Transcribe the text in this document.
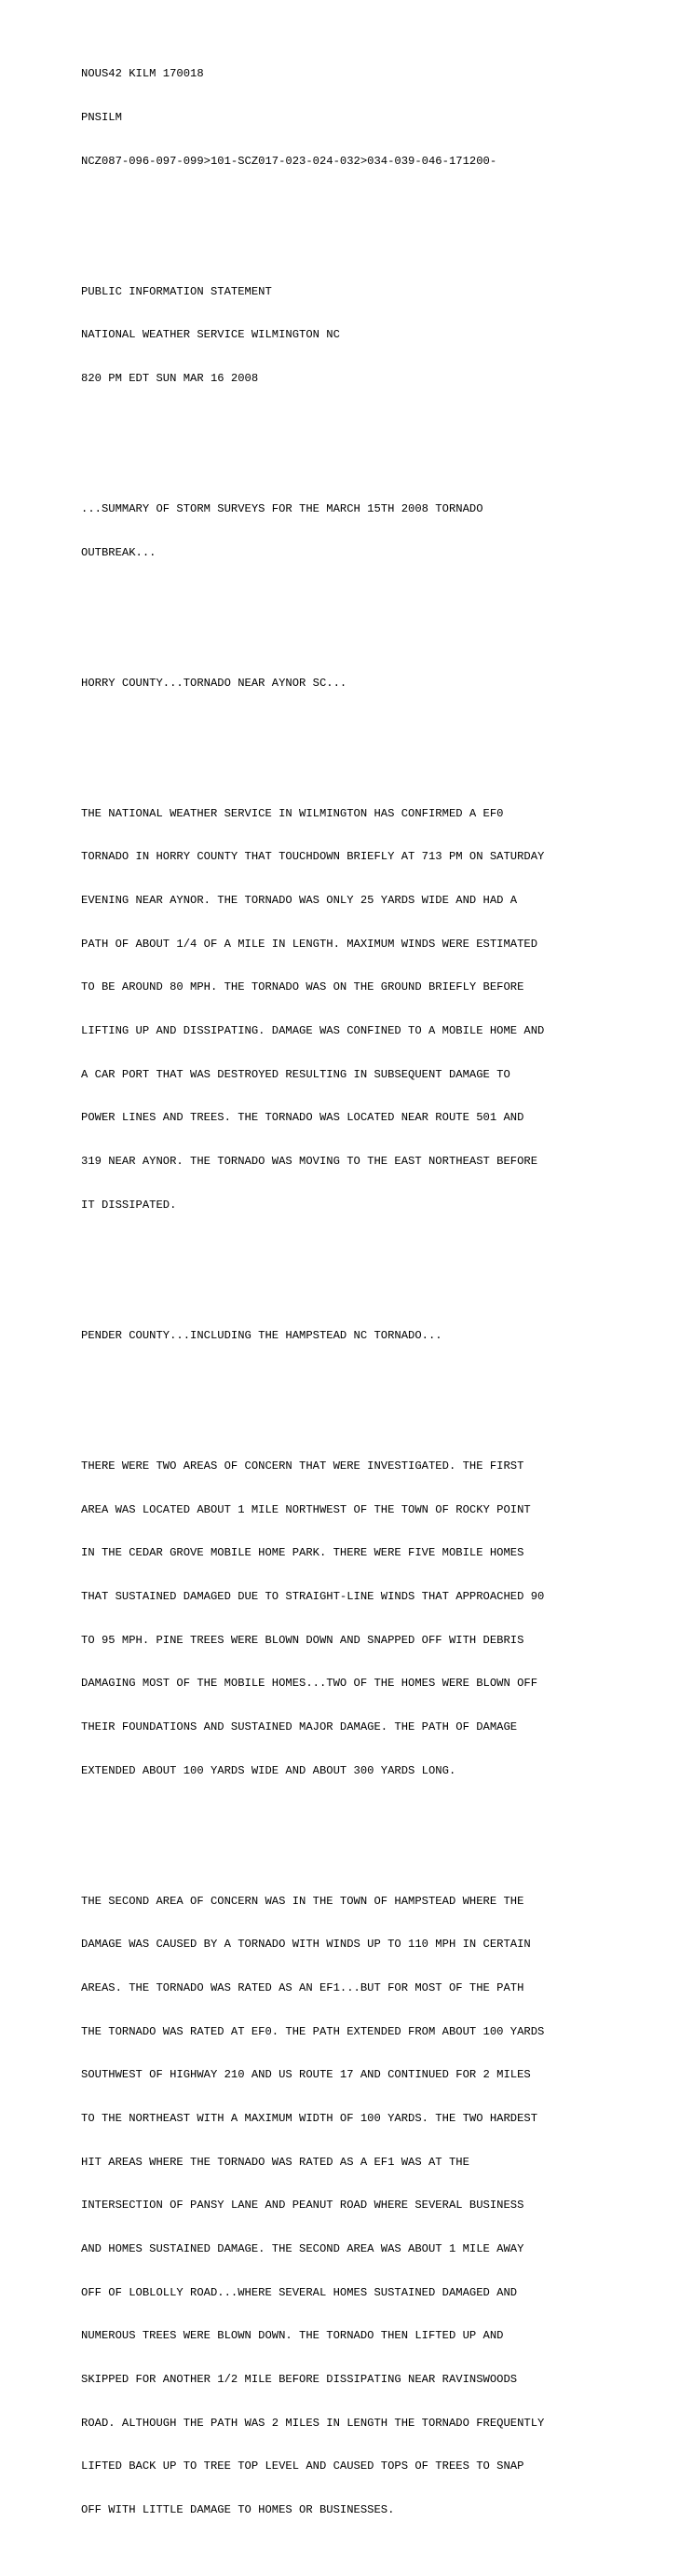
NOUS42 KILM 170018

PNSILM

NCZ087-096-097-099>101-SCZ017-023-024-032>034-039-046-171200-

PUBLIC INFORMATION STATEMENT

NATIONAL WEATHER SERVICE WILMINGTON NC

820 PM EDT SUN MAR 16 2008

...SUMMARY OF STORM SURVEYS FOR THE MARCH 15TH 2008 TORNADO

OUTBREAK...

HORRY COUNTY...TORNADO NEAR AYNOR SC...

THE NATIONAL WEATHER SERVICE IN WILMINGTON HAS CONFIRMED A EF0

TORNADO IN HORRY COUNTY THAT TOUCHDOWN BRIEFLY AT 713 PM ON SATURDAY

EVENING NEAR AYNOR. THE TORNADO WAS ONLY 25 YARDS WIDE AND HAD A

PATH OF ABOUT 1/4 OF A MILE IN LENGTH. MAXIMUM WINDS WERE ESTIMATED

TO BE AROUND 80 MPH. THE TORNADO WAS ON THE GROUND BRIEFLY BEFORE

LIFTING UP AND DISSIPATING. DAMAGE WAS CONFINED TO A MOBILE HOME AND

A CAR PORT THAT WAS DESTROYED RESULTING IN SUBSEQUENT DAMAGE TO

POWER LINES AND TREES. THE TORNADO WAS LOCATED NEAR ROUTE 501 AND

319 NEAR AYNOR. THE TORNADO WAS MOVING TO THE EAST NORTHEAST BEFORE

IT DISSIPATED.

PENDER COUNTY...INCLUDING THE HAMPSTEAD NC TORNADO...

THERE WERE TWO AREAS OF CONCERN THAT WERE INVESTIGATED. THE FIRST

AREA WAS LOCATED ABOUT 1 MILE NORTHWEST OF THE TOWN OF ROCKY POINT

IN THE CEDAR GROVE MOBILE HOME PARK. THERE WERE FIVE MOBILE HOMES

THAT SUSTAINED DAMAGED DUE TO STRAIGHT-LINE WINDS THAT APPROACHED 90

TO 95 MPH. PINE TREES WERE BLOWN DOWN AND SNAPPED OFF WITH DEBRIS

DAMAGING MOST OF THE MOBILE HOMES...TWO OF THE HOMES WERE BLOWN OFF

THEIR FOUNDATIONS AND SUSTAINED MAJOR DAMAGE. THE PATH OF DAMAGE

EXTENDED ABOUT 100 YARDS WIDE AND ABOUT 300 YARDS LONG.

THE SECOND AREA OF CONCERN WAS IN THE TOWN OF HAMPSTEAD WHERE THE

DAMAGE WAS CAUSED BY A TORNADO WITH WINDS UP TO 110 MPH IN CERTAIN

AREAS. THE TORNADO WAS RATED AS AN EF1...BUT FOR MOST OF THE PATH

THE TORNADO WAS RATED AT EF0. THE PATH EXTENDED FROM ABOUT 100 YARDS

SOUTHWEST OF HIGHWAY 210 AND US ROUTE 17 AND CONTINUED FOR 2 MILES

TO THE NORTHEAST WITH A MAXIMUM WIDTH OF 100 YARDS. THE TWO HARDEST

HIT AREAS WHERE THE TORNADO WAS RATED AS A EF1 WAS AT THE

INTERSECTION OF PANSY LANE AND PEANUT ROAD WHERE SEVERAL BUSINESS

AND HOMES SUSTAINED DAMAGE. THE SECOND AREA WAS ABOUT 1 MILE AWAY

OFF OF LOBLOLLY ROAD...WHERE SEVERAL HOMES SUSTAINED DAMAGED AND

NUMEROUS TREES WERE BLOWN DOWN. THE TORNADO THEN LIFTED UP AND

SKIPPED FOR ANOTHER 1/2 MILE BEFORE DISSIPATING NEAR RAVINSWOODS

ROAD. ALTHOUGH THE PATH WAS 2 MILES IN LENGTH THE TORNADO FREQUENTLY

LIFTED BACK UP TO TREE TOP LEVEL AND CAUSED TOPS OF TREES TO SNAP

OFF WITH LITTLE DAMAGE TO HOMES OR BUSINESSES.
